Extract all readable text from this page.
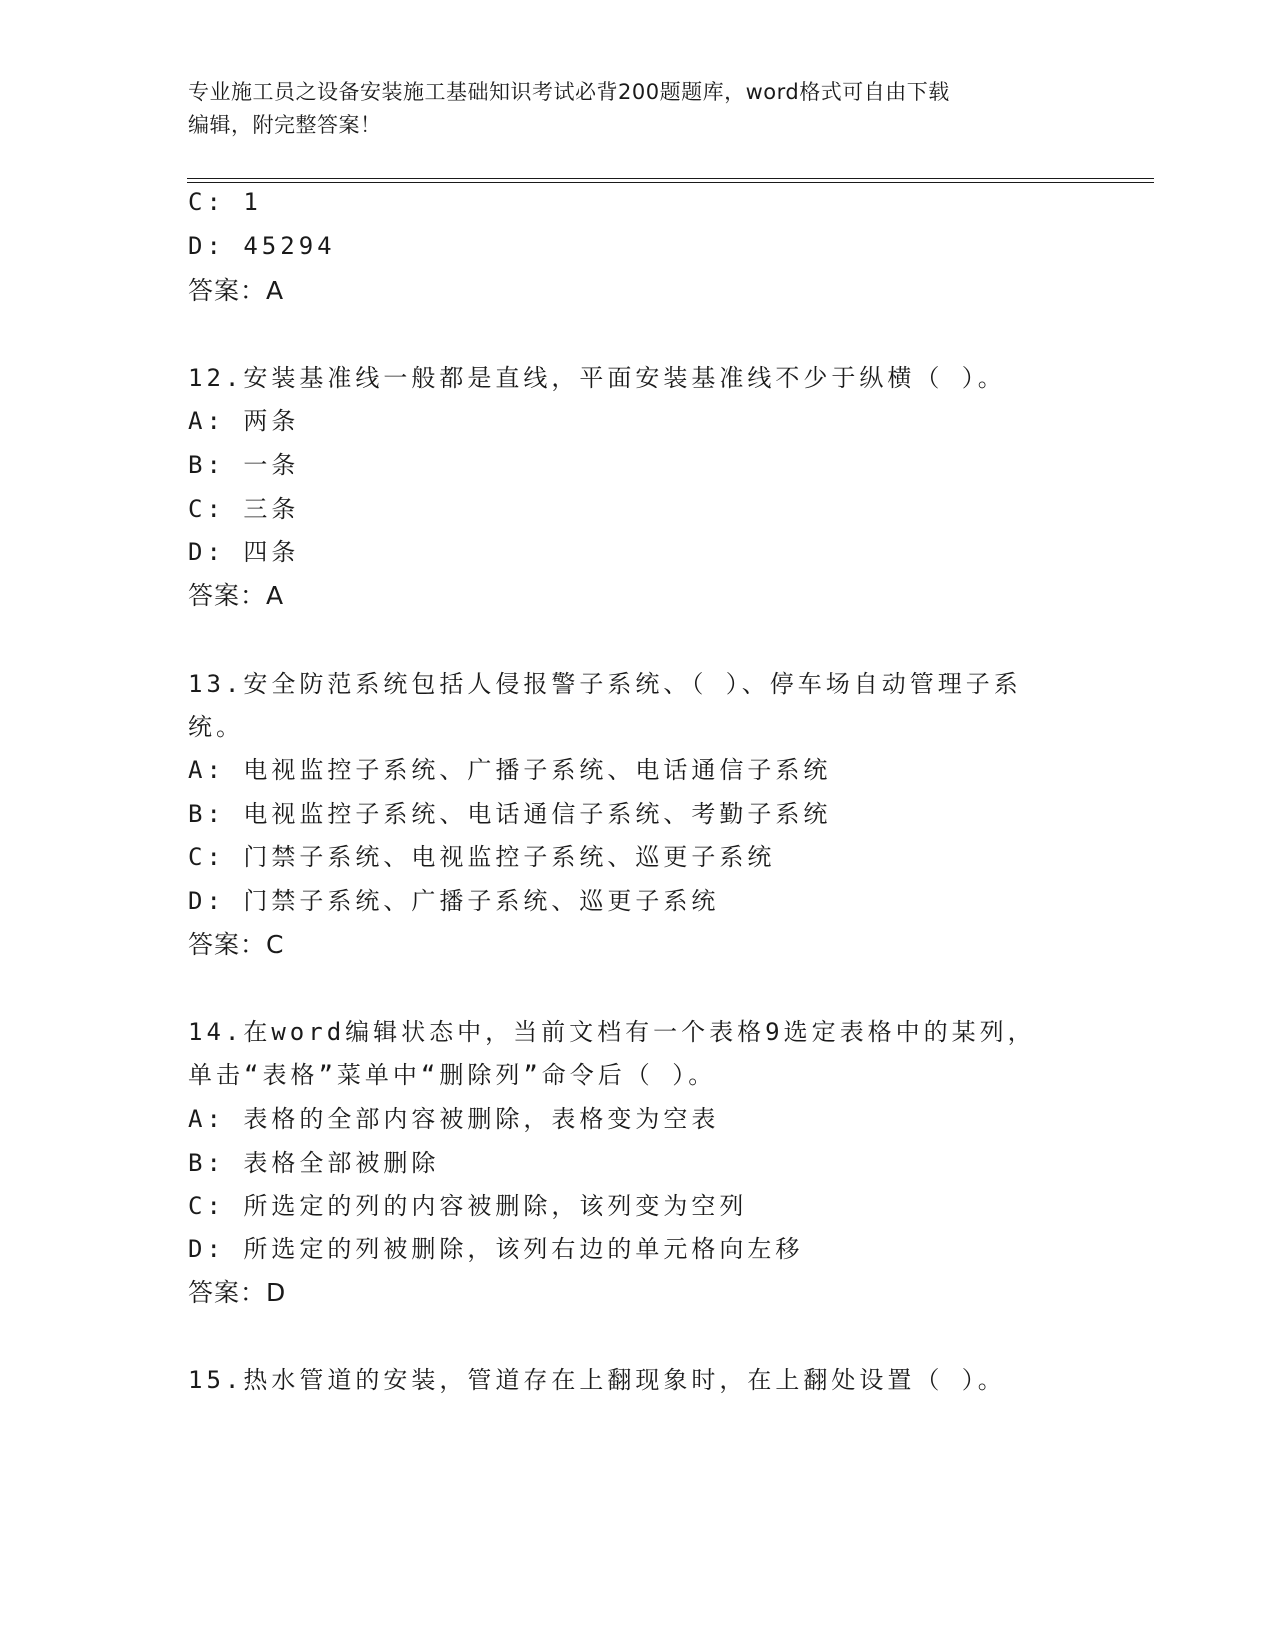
专业施工员之设备安装施工基础知识考试必背200题题库，word格式可自由下载
编辑，附完整答案！
C: 1
D: 45294
答案：A
12.安装基准线一般都是直线，平面安装基准线不少于纵横（ ）。
A: 两条
B: 一条
C: 三条
D: 四条
答案：A
13.安全防范系统包括人侵报警子系统、（ ）、停车场自动管理子系
统。
A: 电视监控子系统、广播子系统、电话通信子系统
B: 电视监控子系统、电话通信子系统、考勤子系统
C: 门禁子系统、电视监控子系统、巡更子系统
D: 门禁子系统、广播子系统、巡更子系统
答案：C
14.在word编辑状态中，当前文档有一个表格9选定表格中的某列，
单击“表格”菜单中“删除列”命令后（ ）。
A: 表格的全部内容被删除，表格变为空表
B: 表格全部被删除
C: 所选定的列的内容被删除，该列变为空列
D: 所选定的列被删除，该列右边的单元格向左移
答案：D
15.热水管道的安装，管道存在上翻现象时，在上翻处设置（ ）。
